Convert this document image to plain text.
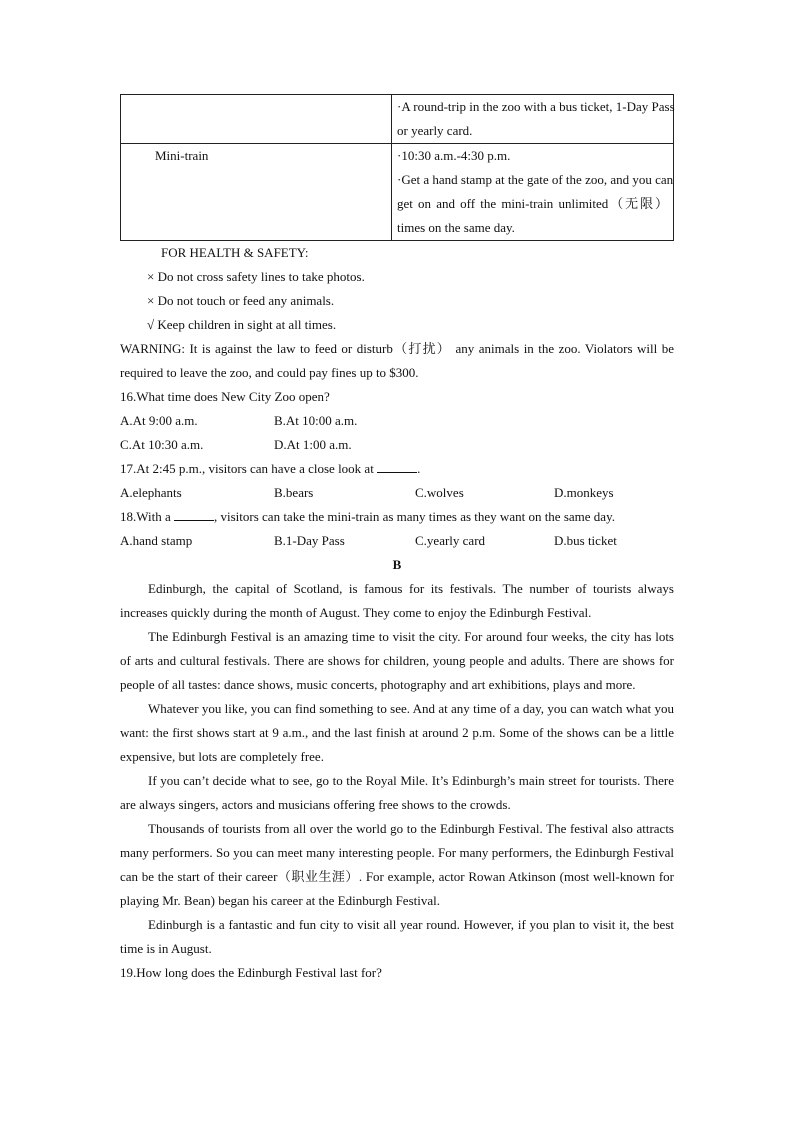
	·A round-trip in the zoo with a bus ticket, 1-Day Pass
or yearly card.

Mini-train	·10:30 a.m.-4:30 p.m.
·Get a hand stamp at the gate of the zoo, and you can
get on and off the mini-train unlimited（无限）
times on the same day.
FOR HEALTH & SAFETY:
× Do not cross safety lines to take photos.
× Do not touch or feed any animals.
√ Keep children in sight at all times.

WARNING: It is against the law to feed or disturb（打扰） any animals in the zoo. Violators will be required to leave the zoo, and could pay fines up to $300.

16.What time does New City Zoo open?
A.At 9:00 a.m.	B.At 10:00 a.m.
C.At 10:30 a.m.	D.At 1:00 a.m.
17.At 2:45 p.m., visitors can have a close look at	.
A.elephants	B.bears	C.wolves	D.monkeys
18.With a	, visitors can take the mini-train as many times as they want on the same day.
A.hand stamp	B.1-Day Pass	C.yearly card	D.bus ticket
B

Edinburgh, the capital of Scotland, is famous for its festivals. The number of tourists always increases quickly during the month of August. They come to enjoy the Edinburgh Festival.

The Edinburgh Festival is an amazing time to visit the city. For around four weeks, the city has lots of arts and cultural festivals. There are shows for children, young people and adults. There are shows for people of all tastes: dance shows, music concerts, photography and art exhibitions, plays and more.

Whatever you like, you can find something to see. And at any time of a day, you can watch what you want: the first shows start at 9 a.m., and the last finish at around 2 p.m. Some of the shows can be a little expensive, but lots are completely free.

If you can’t decide what to see, go to the Royal Mile. It’s Edinburgh’s main street for tourists. There are always singers, actors and musicians offering free shows to the crowds.

Thousands of tourists from all over the world go to the Edinburgh Festival. The festival also attracts many performers. So you can meet many interesting people. For many performers, the Edinburgh Festival can be the start of their career（职业生涯）. For example, actor Rowan Atkinson (most well-known for playing Mr. Bean) began his career at the Edinburgh Festival.

Edinburgh is a fantastic and fun city to visit all year round. However, if you plan to visit it, the best time is in August.

19.How long does the Edinburgh Festival last for?
